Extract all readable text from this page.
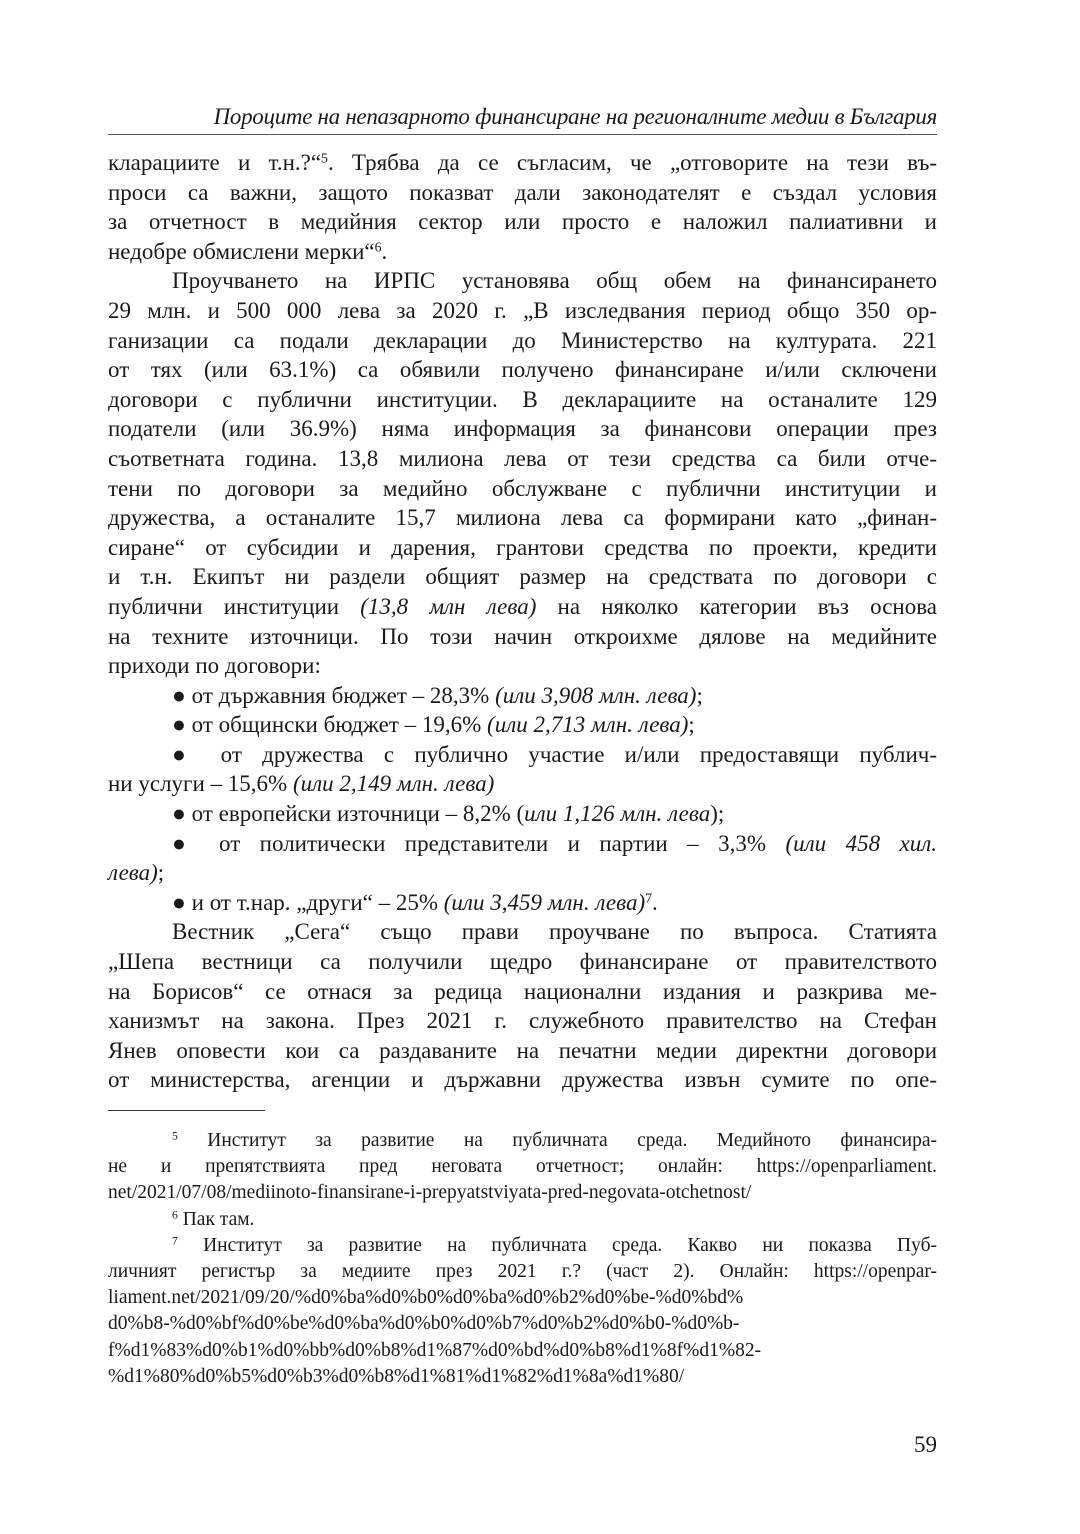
Пороците на непазарното финансиране на регионалните медии в България
кларациите и т.н.?“$^5$. Трябва да се съгласим, че „отговорите на тези въ-
проси са важни, защото показват дали законодателят е създал условия
за отчетност в медийния сектор или просто е наложил палиативни и
недобре обмислени мерки“$^6$.
Проучването на ИРПС установява общ обем на финансирането
29 млн. и 500 000 лева за 2020 г. „В изследвания период общо 350 ор-
ганизации са подали декларации до Министерство на културата. 221
от тях (или 63.1%) са обявили получено финансиране и/или сключени
договори с публични институции. В декларациите на останалите 129
податели (или 36.9%) няма информация за финансови операции през
съответната година. 13,8 милиона лева от тези средства са били отче-
тени по договори за медийно обслужване с публични институции и
дружества, а останалите 15,7 милиона лева са формирани като „финан-
сиране“ от субсидии и дарения, грантови средства по проекти, кредити
и т.н. Екипът ни раздели общият размер на средствата по договори с
публични институции (13,8 млн лева) на няколко категории въз основа
на техните източници. По този начин откроихме дялове на медийните
приходи по договори:
● от държавния бюджет – 28,3% (или 3,908 млн. лева);
● от общински бюджет – 19,6% (или 2,713 млн. лева);
● от дружества с публично участие и/или предоставящи публич-
ни услуги – 15,6% (или 2,149 млн. лева)
● от европейски източници – 8,2% (или 1,126 млн. лева);
● от политически представители и партии – 3,3% (или 458 хил.
лева);
● и от т.нар. „други“ – 25% (или 3,459 млн. лева)$^7$.
Вестник „Сега“ също прави проучване по въпроса. Статията
„Шепа вестници са получили щедро финансиране от правителството
на Борисов“ се отнася за редица национални издания и разкрива ме-
ханизмът на закона. През 2021 г. служебното правителство на Стефан
Янев оповести кои са раздаваните на печатни медии директни договори
от министерства, агенции и държавни дружества извън сумите по опе-
$^5$ Институт за развитие на публичната среда. Медийното финансира-
не и препятствията пред неговата отчетност; онлайн: https://openparliament.
net/2021/07/08/mediinoto-finansirane-i-prepyatstviyata-pred-negovata-otchetnost/
$^6$ Пак там.
$^7$ Институт за развитие на публичната среда. Какво ни показва Пуб-
личният регистър за медиите през 2021 г.? (част 2). Онлайн: https://openpar-
liament.net/2021/09/20/%d0%ba%d0%b0%d0%ba%d0%b2%d0%be-%d0%bd%
d0%b8-%d0%bf%d0%be%d0%ba%d0%b0%d0%b7%d0%b2%d0%b0-%d0%b-
f%d1%83%d0%b1%d0%bb%d0%b8%d1%87%d0%bd%d0%b8%d1%8f%d1%82-
%d1%80%d0%b5%d0%b3%d0%b8%d1%81%d1%82%d1%8a%d1%80/
59
